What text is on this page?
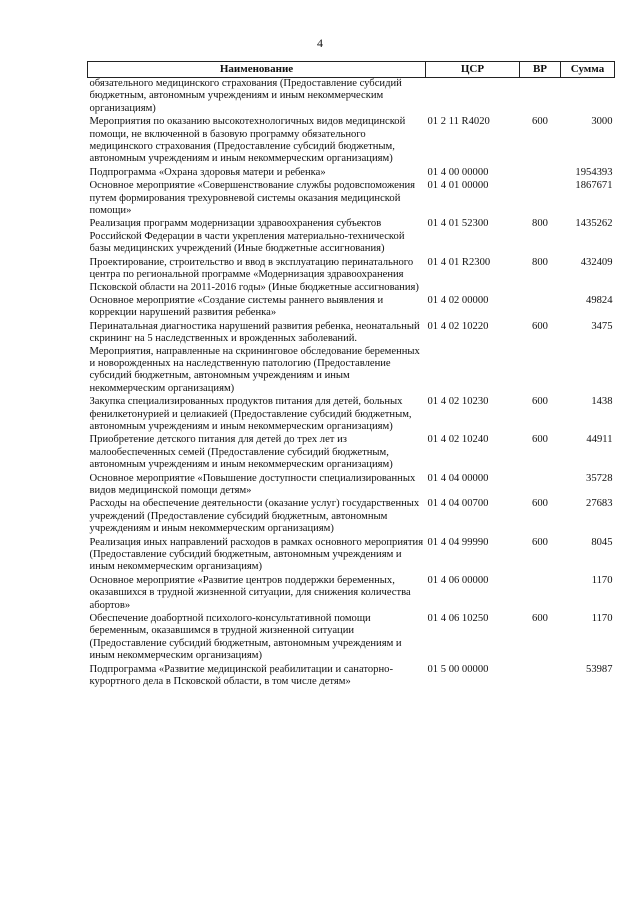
4
Наименование	ЦСР	ВР	Сумма
обязательного медицинского страхования (Предоставление субсидий бюджетным, автономным учреждениям и иным некоммерческим организациям)			
Мероприятия по оказанию высокотехнологичных видов медицинской помощи, не включенной в базовую программу обязательного медицинского страхования (Предоставление субсидий бюджетным, автономным учреждениям и иным некоммерческим организациям)	01 2 11 R4020	600	3000
Подпрограмма «Охрана здоровья матери и ребенка»	01 4 00 00000		1954393
Основное мероприятие «Совершенствование службы родовспоможения путем формирования трехуровневой системы оказания медицинской помощи»	01 4 01 00000		1867671
Реализация программ модернизации здравоохранения субъектов Российской Федерации в части укрепления материально-технической базы медицинских учреждений (Иные бюджетные ассигнования)	01 4 01 52300	800	1435262
Проектирование, строительство и ввод в эксплуатацию перинатального центра по региональной программе «Модернизация здравоохранения Псковской области на 2011-2016 годы» (Иные бюджетные ассигнования)	01 4 01 R2300	800	432409
Основное мероприятие «Создание системы раннего выявления и коррекции нарушений развития ребенка»	01 4 02 00000		49824
Перинатальная диагностика нарушений развития ребенка, неонатальный скрининг на 5 наследственных и врожденных заболеваний. Мероприятия, направленные на скрининговое обследование беременных и новорожденных на наследственную патологию (Предоставление субсидий бюджетным, автономным учреждениям и иным некоммерческим организациям)	01 4 02 10220	600	3475
Закупка специализированных продуктов питания для детей, больных фенилкетонурией и целиакией (Предоставление субсидий бюджетным, автономным учреждениям и иным некоммерческим организациям)	01 4 02 10230	600	1438
Приобретение детского питания для детей до трех лет из малообеспеченных семей (Предоставление субсидий бюджетным, автономным учреждениям и иным некоммерческим организациям)	01 4 02 10240	600	44911
Основное мероприятие «Повышение доступности специализированных видов медицинской помощи детям»	01 4 04 00000		35728
Расходы на обеспечение деятельности (оказание услуг) государственных учреждений (Предоставление субсидий бюджетным, автономным учреждениям и иным некоммерческим организациям)	01 4 04 00700	600	27683
Реализация иных направлений расходов в рамках основного мероприятия (Предоставление субсидий бюджетным, автономным учреждениям и иным некоммерческим организациям)	01 4 04 99990	600	8045
Основное мероприятие «Развитие центров поддержки беременных, оказавшихся в трудной жизненной ситуации, для снижения количества абортов»	01 4 06 00000		1170
Обеспечение доабортной психолого-консультативной помощи беременным, оказавшимся в трудной жизненной ситуации (Предоставление субсидий бюджетным, автономным учреждениям и иным некоммерческим организациям)	01 4 06 10250	600	1170
Подпрограмма «Развитие медицинской реабилитации и санаторно-курортного дела в Псковской области, в том числе детям»	01 5 00 00000		53987
